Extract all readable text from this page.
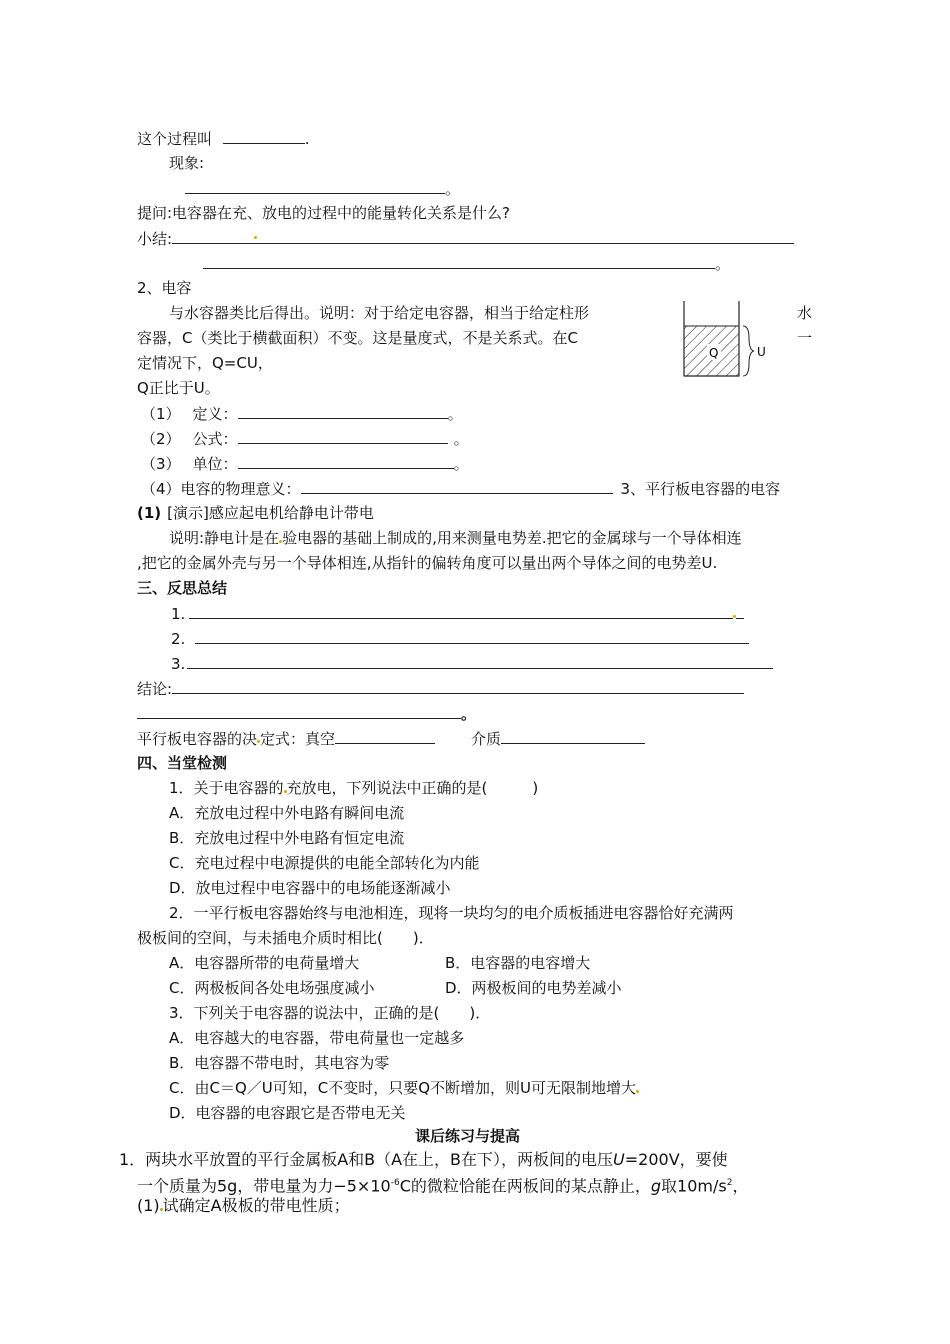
这个过程叫	.
现象:
。
提问:电容器在充、放电的过程中的能量转化关系是什么?
小结:
。
2、电容
与水容器类比后得出。说明：对于给定电容器，相当于给定柱形
容器，C（类比于横截面积）不变。这是量度式，不是关系式。在C
定情况下，Q=CU，
Q正比于U。
水
一
Q	U
（1） 定义：	。
（2） 公式：	。
（3） 单位：	。
（4）电容的物理意义：	3、平行板电容器的电容
(1) [演示]感应起电机给静电计带电
说明:静电计是在 验电器的基础上制成的,用来测量电势差.把它的金属球与一个导体相连
,把它的金属外壳与另一个导体相连,从指针的偏转角度可以量出两个导体之间的电势差U.
三、反思总结
1.
2.
3.
结论:
。
平行板电容器的决 定式：真空	介质
四、当堂检测
1．关于电容器的 充放电，下列说法中正确的是(　　　)
A．充放电过程中外电路有瞬间电流
B．充放电过程中外电路有恒定电流
C．充电过程中电源提供的电能全部转化为内能
D．放电过程中电容器中的电场能逐渐减小
2．一平行板电容器始终与电池相连，现将一块均匀的电介质板插进电容器恰好充满两
极板间的空间，与未插电介质时相比(　　)．
A．电容器所带的电荷量增大	B．电容器的电容增大
C．两极板间各处电场强度减小	D．两极板间的电势差减小
3．下列关于电容器的说法中，正确的是(　　)．
A．电容越大的电容器，带电荷量也一定越多
B．电容器不带电时，其电容为零
C．由C＝Q／U可知，C不变时，只要Q不断增加，则U可无限制地增大
D．电容器的电容跟它是否带电无关
课后练习与提高
1．两块水平放置的平行金属板A和B（A在上，B在下），两板间的电压U=200V，要使
一个质量为5g，带电量为力$-5\times 10^{-6}C$的微粒恰能在两板间的某点静止，g取$10m/s^2$，
(1) 试确定A极板的带电性质；
